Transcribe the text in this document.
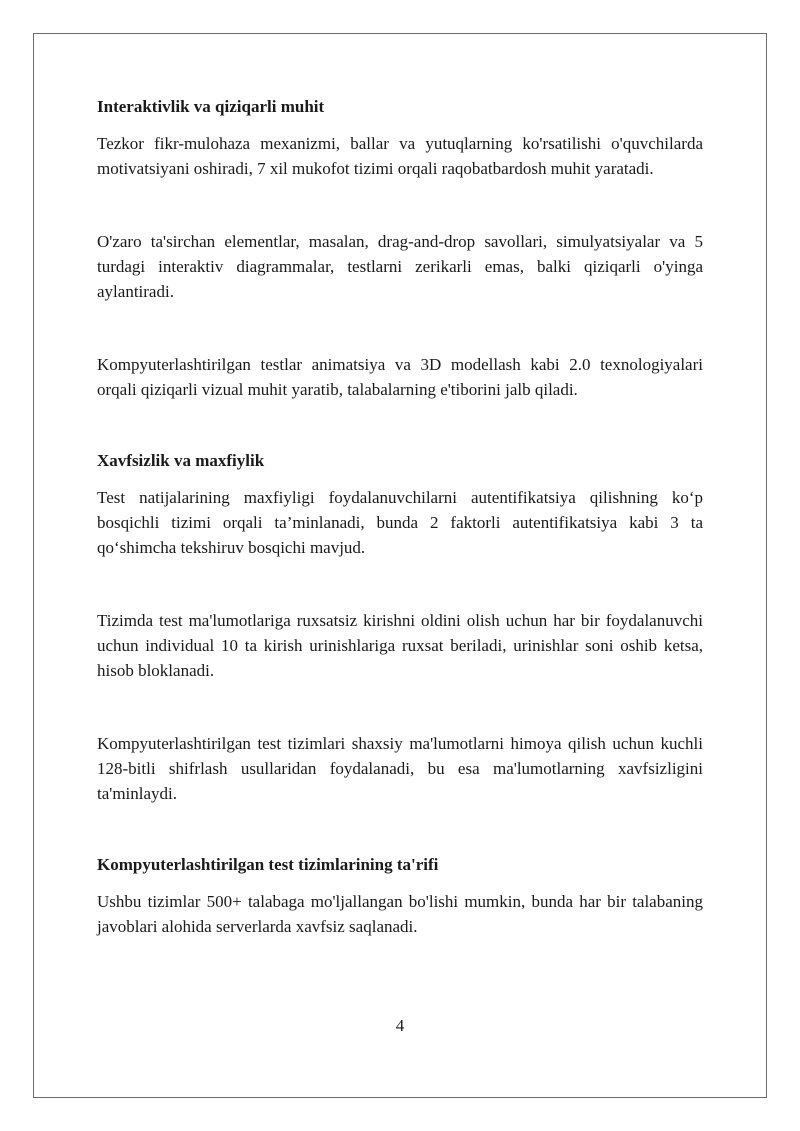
Interaktivlik va qiziqarli muhit

Tezkor fikr-mulohaza mexanizmi, ballar va yutuqlarning ko'rsatilishi o'quvchilarda motivatsiyani oshiradi, 7 xil mukofot tizimi orqali raqobatbardosh muhit yaratadi.

O'zaro ta'sirchan elementlar, masalan, drag-and-drop savollari, simulyatsiyalar va 5 turdagi interaktiv diagrammalar, testlarni zerikarli emas, balki qiziqarli o'yinga aylantiradi.

Kompyuterlashtirilgan testlar animatsiya va 3D modellash kabi 2.0 texnologiyalari orqali qiziqarli vizual muhit yaratib, talabalarning e'tiborini jalb qiladi.

Xavfsizlik va maxfiylik

Test natijalarining maxfiyligi foydalanuvchilarni autentifikatsiya qilishning ko‘p bosqichli tizimi orqali ta’minlanadi, bunda 2 faktorli autentifikatsiya kabi 3 ta qo‘shimcha tekshiruv bosqichi mavjud.

Tizimda test ma'lumotlariga ruxsatsiz kirishni oldini olish uchun har bir foydalanuvchi uchun individual 10 ta kirish urinishlariga ruxsat beriladi, urinishlar soni oshib ketsa, hisob bloklanadi.

Kompyuterlashtirilgan test tizimlari shaxsiy ma'lumotlarni himoya qilish uchun kuchli 128-bitli shifrlash usullaridan foydalanadi, bu esa ma'lumotlarning xavfsizligini ta'minlaydi.

Kompyuterlashtirilgan test tizimlarining ta'rifi

Ushbu tizimlar 500+ talabaga mo'ljallangan bo'lishi mumkin, bunda har bir talabaning javoblari alohida serverlarda xavfsiz saqlanadi.

4
